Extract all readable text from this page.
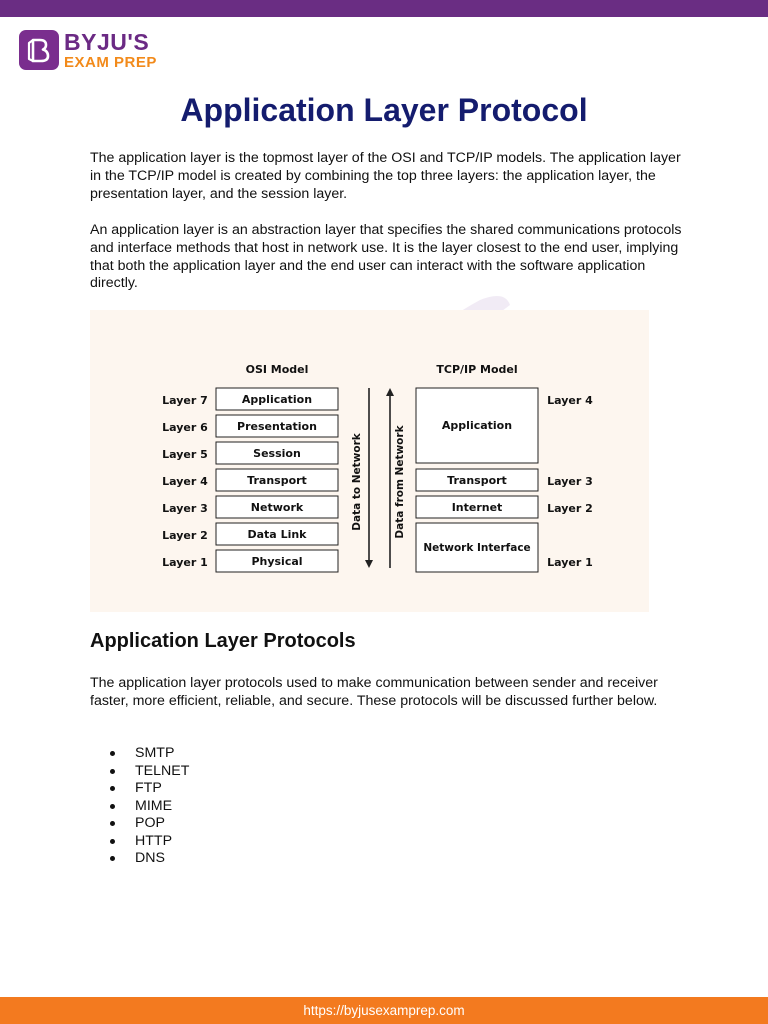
BYJU'S
EXAM PREP
Application Layer Protocol

The application layer is the topmost layer of the OSI and TCP/IP models. The application layer in the TCP/IP model is created by combining the top three layers: the application layer, the presentation layer, and the session layer.

An application layer is an abstraction layer that specifies the shared communications protocols and interface methods that host in network use. It is the layer closest to the end user, implying that both the application layer and the end user can interact with the software application directly.

OSI Model	TCP/IP Model
Layer 7	Application
Layer 6	Presentation
Layer 5	Session
Layer 4	Transport
Layer 3	Network
Layer 2	Data Link
Layer 1	Physical
Data to Network	Data from Network	Application
Layer 4
Transport	Layer 3
Internet	Layer 2
Network Interface
Layer 1
Application Layer Protocols

The application layer protocols used to make communication between sender and receiver faster, more efficient, reliable, and secure. These protocols will be discussed further below.

SMTP
TELNET
FTP
MIME
POP
HTTP
DNS
https://byjusexamprep.com
